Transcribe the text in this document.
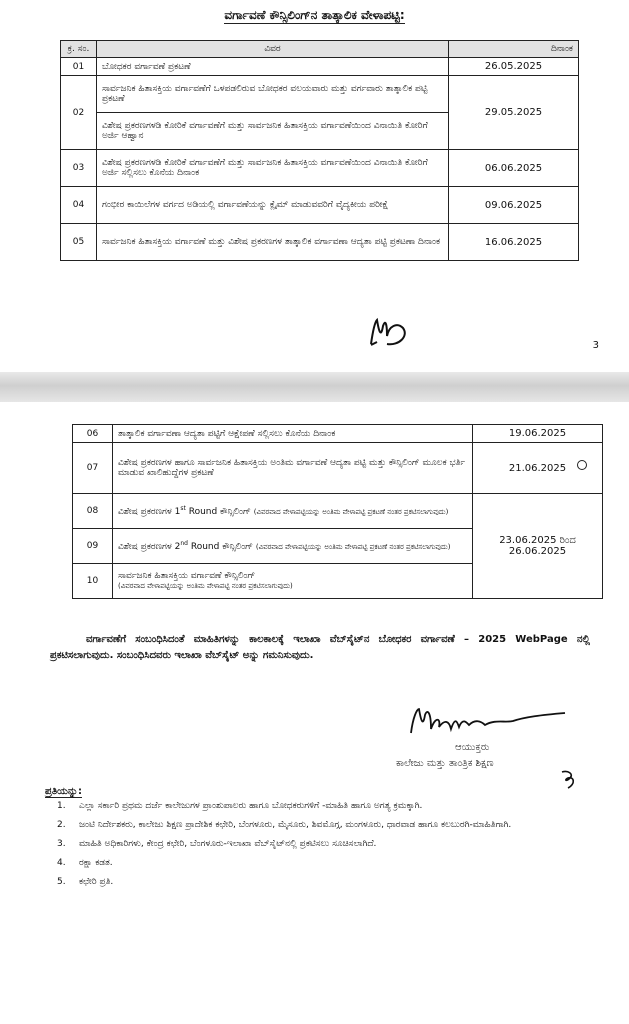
ವರ್ಗಾವಣೆ ಕೌನ್ಸಿಲಿಂಗ್‌ನ ತಾತ್ಕಾಲಿಕ ವೇಳಾಪಟ್ಟಿ:
ಕ್ರ. ಸಂ.	ವಿವರ	ದಿನಾಂಕ
01	ಬೋಧಕರ ವರ್ಗಾವಣೆ ಪ್ರಕಟಣೆ	26.05.2025
02	ಸಾರ್ವಜನಿಕ ಹಿತಾಸಕ್ತಿಯ ವರ್ಗಾವಣೆಗೆ ಒಳಪಡಲಿರುವ ಬೋಧಕರ ವಲಯವಾರು ಮತ್ತು ವರ್ಗವಾರು ತಾತ್ಕಾಲಿಕ ಪಟ್ಟಿ ಪ್ರಕಟಣೆ	29.05.2025
	ವಿಶೇಷ ಪ್ರಕರಣಗಳಡಿ ಕೋರಿಕೆ ವರ್ಗಾವಣೆಗೆ ಮತ್ತು ಸಾರ್ವಜನಿಕ ಹಿತಾಸಕ್ತಿಯ ವರ್ಗಾವಣೆಯಿಂದ ವಿನಾಯಿತಿ ಕೋರಿಗೆ ಅರ್ಜಿ ಆಹ್ವಾನ	
03	ವಿಶೇಷ ಪ್ರಕರಣಗಳಡಿ ಕೋರಿಕೆ ವರ್ಗಾವಣೆಗೆ ಮತ್ತು ಸಾರ್ವಜನಿಕ ಹಿತಾಸಕ್ತಿಯ ವರ್ಗಾವಣೆಯಿಂದ ವಿನಾಯಿತಿ ಕೋರಿಗೆ ಅರ್ಜಿ ಸಲ್ಲಿಸಲು ಕೊನೆಯ ದಿನಾಂಕ	06.06.2025
04	ಗಂಭೀರ ಕಾಯಿಲೆಗಳ ವರ್ಗದ ಅಡಿಯಲ್ಲಿ ವರ್ಗಾವಣೆಯನ್ನು ಕ್ಲೈಮ್ ಮಾಡುವವರಿಗೆ ವೈದ್ಯಕೀಯ ಪರೀಕ್ಷೆ	09.06.2025
05	ಸಾರ್ವಜನಿಕ ಹಿತಾಸಕ್ತಿಯ ವರ್ಗಾವಣೆ ಮತ್ತು ವಿಶೇಷ ಪ್ರಕರಣಗಳ ತಾತ್ಕಾಲಿಕ ವರ್ಗಾವಣಾ ಆದ್ಯತಾ ಪಟ್ಟಿ ಪ್ರಕಟಣಾ ದಿನಾಂಕ	16.06.2025
3
06	ತಾತ್ಕಾಲಿಕ ವರ್ಗಾವಣಾ ಆದ್ಯತಾ ಪಟ್ಟಿಗೆ ಆಕ್ಷೇಪಣೆ ಸಲ್ಲಿಸಲು ಕೊನೆಯ ದಿನಾಂಕ	19.06.2025
07	ವಿಶೇಷ ಪ್ರಕರಣಗಳ ಹಾಗೂ ಸಾರ್ವಜನಿಕ ಹಿತಾಸಕ್ತಿಯ ಅಂತಿಮ ವರ್ಗಾವಣೆ ಆದ್ಯತಾ ಪಟ್ಟಿ ಮತ್ತು ಕೌನ್ಸಿಲಿಂಗ್ ಮೂಲಕ ಭರ್ತಿ ಮಾಡುವ ಖಾಲಿಹುದ್ದೆಗಳ ಪ್ರಕಟಣೆ	21.06.2025
08	ವಿಶೇಷ ಪ್ರಕರಣಗಳ 1st Round ಕೌನ್ಸಿಲಿಂಗ್ (ವಿವರವಾದ ವೇಳಾಪಟ್ಟಿಯನ್ನು ಅಂತಿಮ ವೇಳಾಪಟ್ಟಿ ಪ್ರಕಟಣೆ ನಂತರ ಪ್ರಕಟಿಸಲಾಗುವುದು)	23.06.2025 ರಿಂದ 26.06.2025
09	ವಿಶೇಷ ಪ್ರಕರಣಗಳ 2nd Round ಕೌನ್ಸಿಲಿಂಗ್ (ವಿವರವಾದ ವೇಳಾಪಟ್ಟಿಯನ್ನು ಅಂತಿಮ ವೇಳಾಪಟ್ಟಿ ಪ್ರಕಟಣೆ ನಂತರ ಪ್ರಕಟಿಸಲಾಗುವುದು)	
10	ಸಾರ್ವಜನಿಕ ಹಿತಾಸಕ್ತಿಯ ವರ್ಗಾವಣೆ ಕೌನ್ಸಿಲಿಂಗ್
(ವಿವರವಾದ ವೇಳಾಪಟ್ಟಿಯನ್ನು ಅಂತಿಮ ವೇಳಾಪಟ್ಟಿ ನಂತರ ಪ್ರಕಟಿಸಲಾಗುವುದು)	
ವರ್ಗಾವಣೆಗೆ ಸಂಬಂಧಿಸಿದಂತೆ ಮಾಹಿತಿಗಳನ್ನು ಕಾಲಕಾಲಕ್ಕೆ ಇಲಾಖಾ ವೆಬ್‌ಸೈಟ್‌ನ ಬೋಧಕರ ವರ್ಗಾವಣೆ – 2025 WebPage ನಲ್ಲಿ ಪ್ರಕಟಿಸಲಾಗುವುದು. ಸಂಬಂಧಿಸಿದವರು ಇಲಾಖಾ ವೆಬ್‌ಸೈಟ್ ಅನ್ನು ಗಮನಿಸುವುದು.
ಆಯುಕ್ತರು
ಕಾಲೇಜು ಮತ್ತು ತಾಂತ್ರಿಕ ಶಿಕ್ಷಣ
ಪ್ರತಿಯನ್ನು:
1.	ಎಲ್ಲಾ ಸರ್ಕಾರಿ ಪ್ರಥಮ ದರ್ಜೆ ಕಾಲೇಜುಗಳ ಪ್ರಾಂಶುಪಾಲರು ಹಾಗೂ ಬೋಧಕರುಗಳಿಗೆ -ಮಾಹಿತಿ ಹಾಗೂ ಅಗತ್ಯ ಕ್ರಮಕ್ಕಾಗಿ.
2.	ಜಂಟಿ ನಿರ್ದೇಶಕರು, ಕಾಲೇಜು ಶಿಕ್ಷಣ ಪ್ರಾದೇಶಿಕ ಕಛೇರಿ, ಬೆಂಗಳೂರು, ಮೈಸೂರು, ಶಿವಮೊಗ್ಗ, ಮಂಗಳೂರು, ಧಾರವಾಡ ಹಾಗೂ ಕಲಬುರಗಿ-ಮಾಹಿತಿಗಾಗಿ.
3.	ಮಾಹಿತಿ ಅಧಿಕಾರಿಗಳು, ಕೇಂದ್ರ ಕಛೇರಿ, ಬೆಂಗಳೂರು-ಇಲಾಖಾ ವೆಬ್‌ಸೈಟ್‌ನಲ್ಲಿ ಪ್ರಕಟಿಸಲು ಸೂಚಿಸಲಾಗಿದೆ.
4.	ರಕ್ಷಾ ಕಡತ.
5.	ಕಛೇರಿ ಪ್ರತಿ.
